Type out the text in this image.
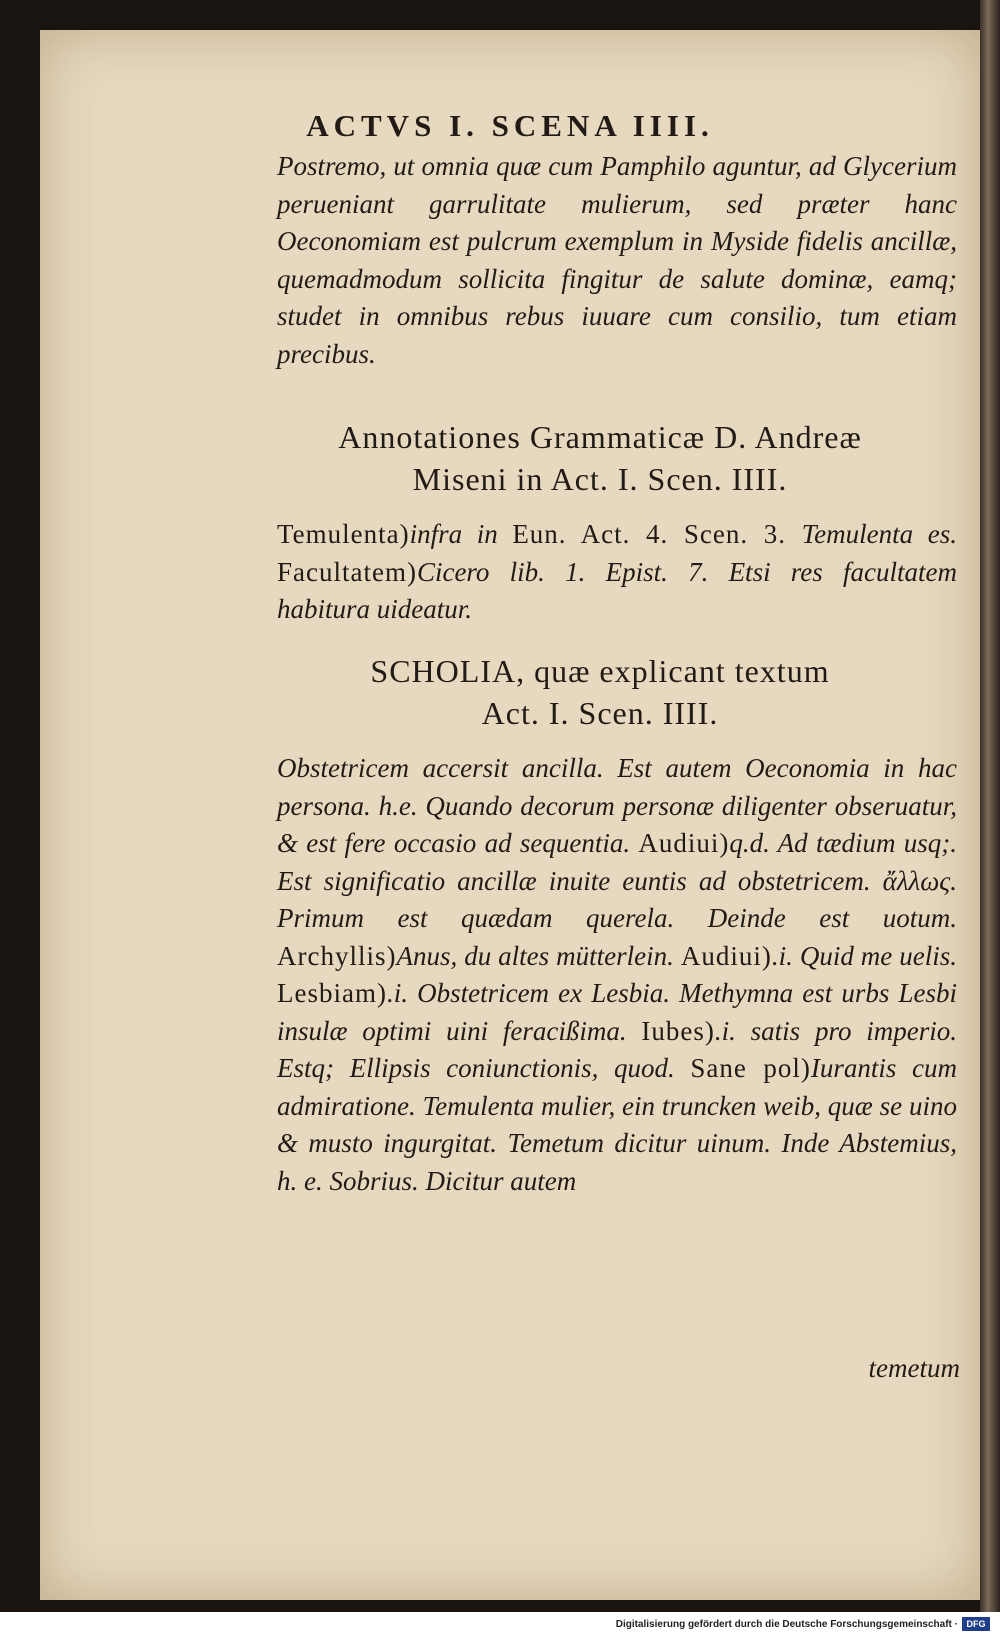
ACTVS I. SCENA IIII.

Postremo, ut omnia quæ cum Pamphilo aguntur, ad Glycerium perueniant garrulitate mulierum, sed præter hanc Oeconomiam est pulcrum exemplum in Myside fidelis ancillæ, quemadmodum sollicita fingitur de salute dominæ, eamq; studet in omnibus rebus iuuare cum consilio, tum etiam precibus.

Annotationes Grammaticæ D. Andreæ
Miseni in Act. I. Scen. IIII.

Temulenta)infra in Eun. Act. 4. Scen. 3. Temulenta es. Facultatem)Cicero lib. 1. Epist. 7. Etsi res facultatem habitura uideatur.

SCHOLIA, quæ explicant textum
Act. I. Scen. IIII.

Obstetricem accersit ancilla. Est autem Oeconomia in hac persona. h.e. Quando decorum personæ diligenter obseruatur, & est fere occasio ad sequentia. Audiui)q.d. Ad tædium usq;. Est significatio ancillæ inuite euntis ad obstetricem. ἄλλως. Primum est quædam querela. Deinde est uotum. Archyllis)Anus, du altes mütterlein. Audiui).i. Quid me uelis. Lesbiam).i. Obstetricem ex Lesbia. Methymna est urbs Lesbi insulæ optimi uini feracißima. Iubes).i. satis pro imperio. Estq; Ellipsis coniunctionis, quod. Sane pol)Iurantis cum admiratione. Temulenta mulier, ein truncken weib, quæ se uino & musto ingurgitat. Temetum dicitur uinum. Inde Abstemius, h. e. Sobrius. Dicitur autem

temetum
Digitalisierung gefördert durch die Deutsche Forschungsgemeinschaft · DFG
